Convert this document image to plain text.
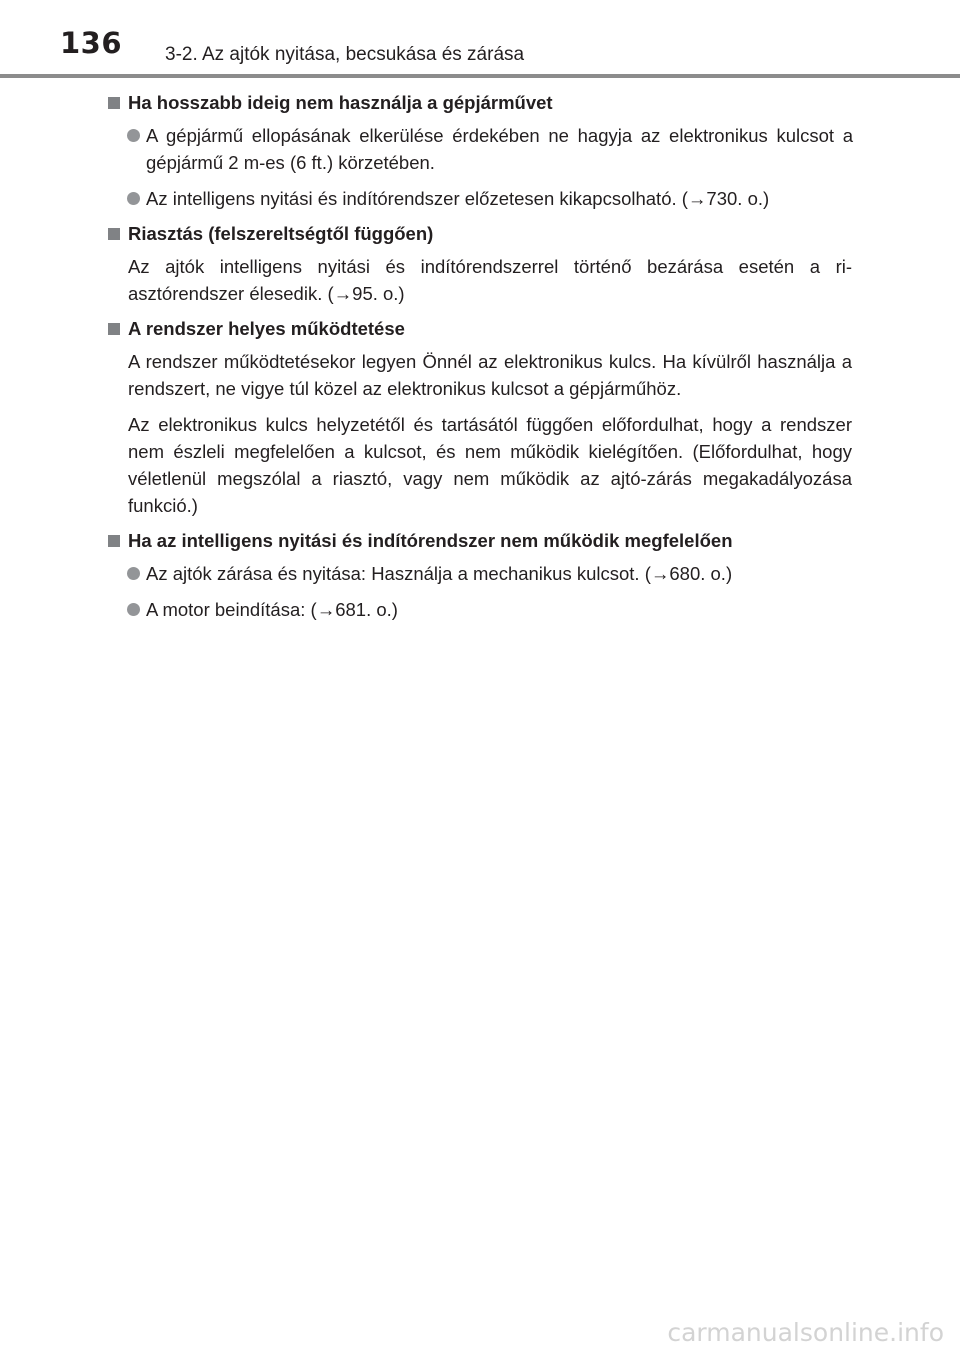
136 3-2. Az ajtók nyitása, becsukása és zárása
Ha hosszabb ideig nem használja a gépjárművet
A gépjármű ellopásának elkerülése érdekében ne hagyja az elektronikus kulcsot a gépjármű 2 m-es (6 ft.) körzetében.
Az intelligens nyitási és indítórendszer előzetesen kikapcsolható. (→730. o.)
Riasztás (felszereltségtől függően)
Az ajtók intelligens nyitási és indítórendszerrel történő bezárása esetén a ri-asztórendszer élesedik. (→95. o.)
A rendszer helyes működtetése
A rendszer működtetésekor legyen Önnél az elektronikus kulcs. Ha kívülről használja a rendszert, ne vigye túl közel az elektronikus kulcsot a gépjárműhöz.
Az elektronikus kulcs helyzetétől és tartásától függően előfordulhat, hogy a rendszer nem észleli megfelelően a kulcsot, és nem működik kielégítően. (Előfordulhat, hogy véletlenül megszólal a riasztó, vagy nem működik az ajtó-zárás megakadályozása funkció.)
Ha az intelligens nyitási és indítórendszer nem működik megfelelően
Az ajtók zárása és nyitása: Használja a mechanikus kulcsot. (→680. o.)
A motor beindítása: (→681. o.)
carmanualsonline.info
